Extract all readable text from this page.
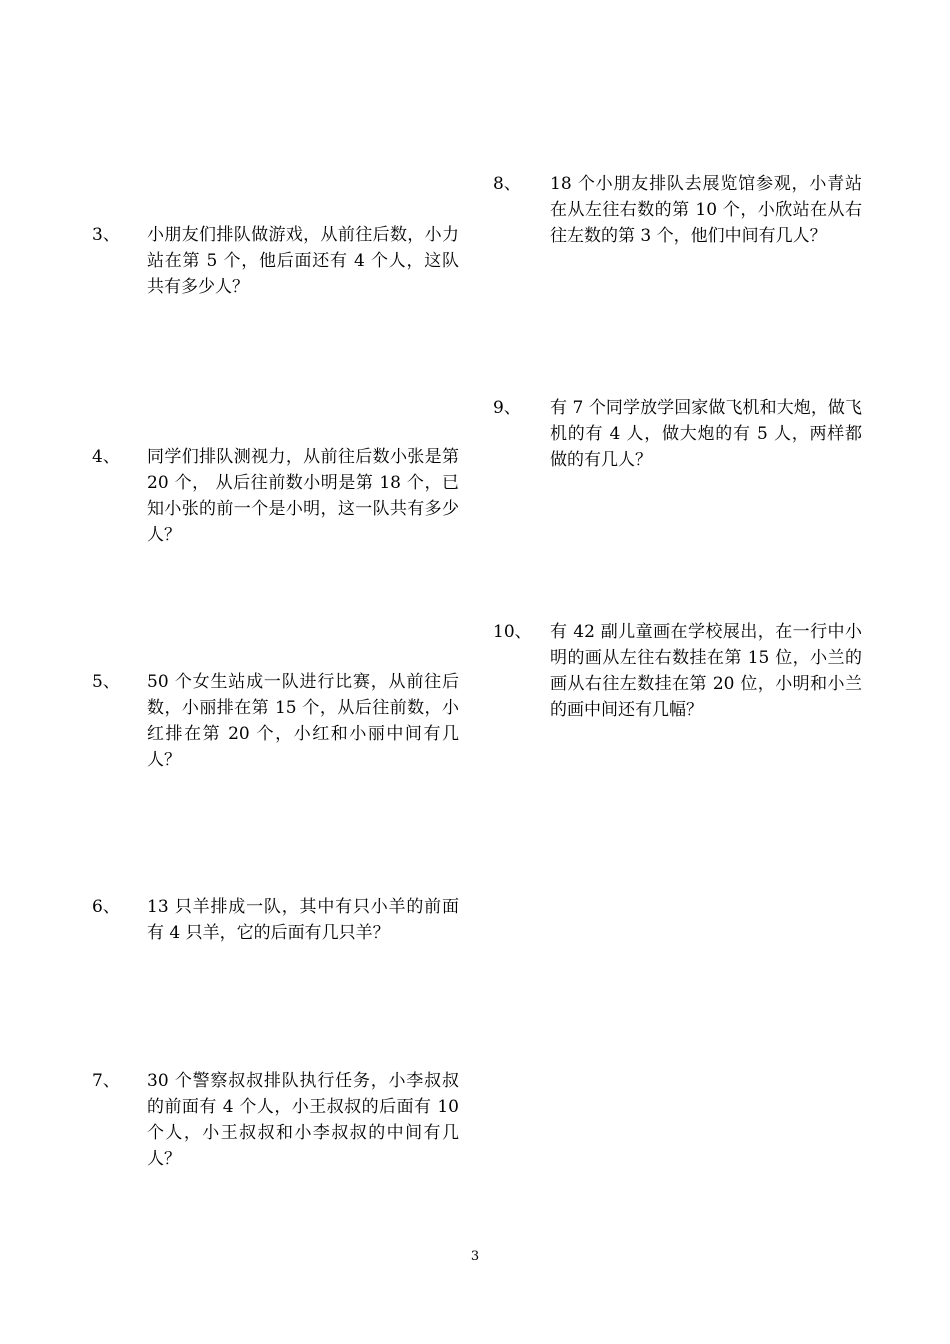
3、 小朋友们排队做游戏，从前往后数，小力站在第 5 个，他后面还有 4 个人，这队共有多少人？
4、 同学们排队测视力，从前往后数小张是第 20 个， 从后往前数小明是第 18 个，已知小张的前一个是小明，这一队共有多少人？
5、 50 个女生站成一队进行比赛，从前往后数，小丽排在第 15 个，从后往前数，小红排在第 20 个，小红和小丽中间有几人？
6、 13 只羊排成一队，其中有只小羊的前面有 4 只羊，它的后面有几只羊？
7、 30 个警察叔叔排队执行任务，小李叔叔的前面有 4 个人，小王叔叔的后面有 10 个人，小王叔叔和小李叔叔的中间有几人？
8、 18 个小朋友排队去展览馆参观，小青站在从左往右数的第 10 个，小欣站在从右往左数的第 3 个，他们中间有几人？
9、 有 7 个同学放学回家做飞机和大炮，做飞机的有 4 人，做大炮的有 5 人，两样都做的有几人？
10、 有 42 副儿童画在学校展出，在一行中小明的画从左往右数挂在第 15 位，小兰的画从右往左数挂在第 20 位，小明和小兰的画中间还有几幅？
3
